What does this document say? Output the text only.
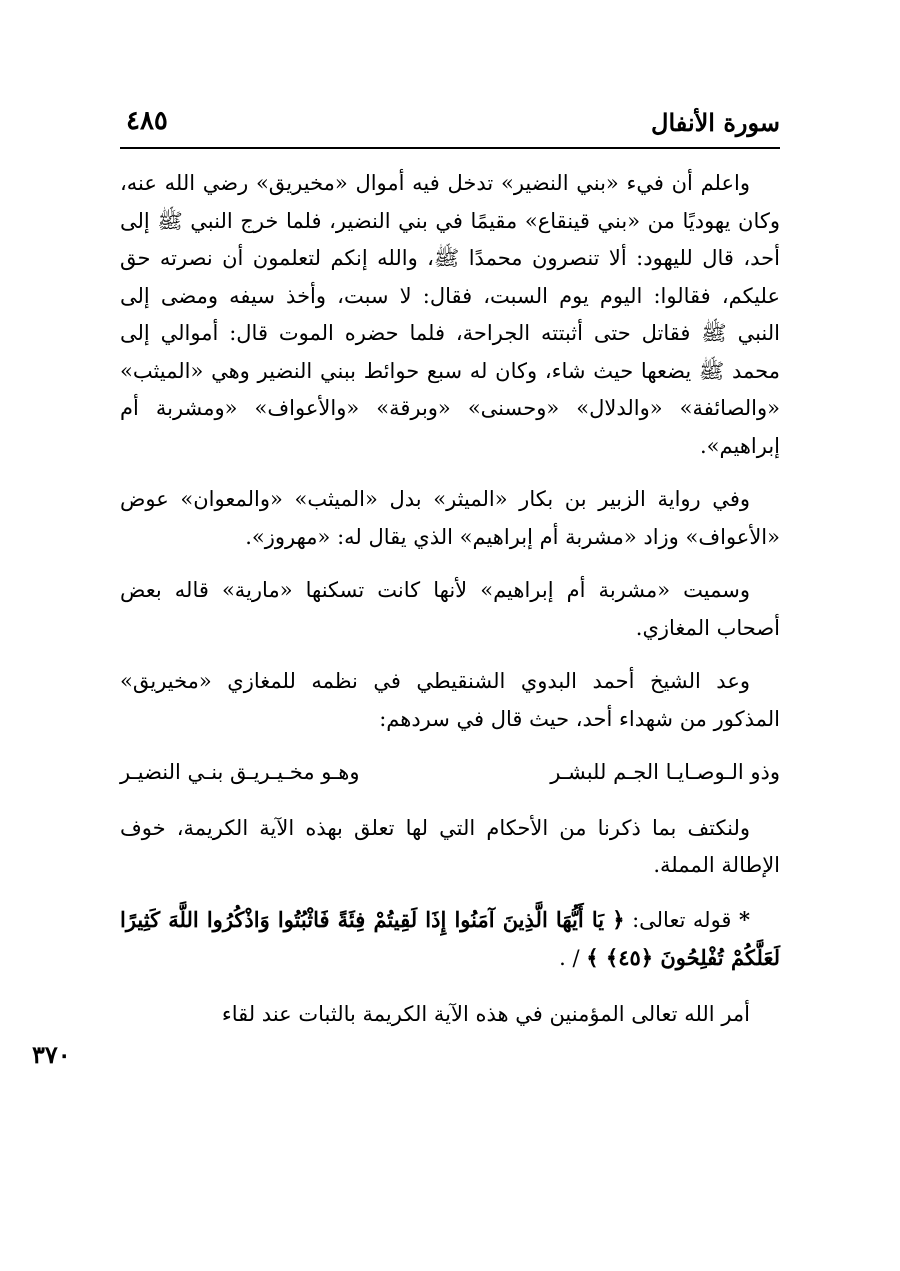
سورة الأنفال
٤٨٥
٣٧٠

واعلم أن فيء «بني النضير» تدخل فيه أموال «مخيريق» رضي الله عنه، وكان يهوديًا من «بني قينقاع» مقيمًا في بني النضير، فلما خرج النبي ﷺ إلى أحد، قال لليهود: ألا تنصرون محمدًا ﷺ، والله إنكم لتعلمون أن نصرته حق عليكم، فقالوا: اليوم يوم السبت، فقال: لا سبت، وأخذ سيفه ومضى إلى النبي ﷺ فقاتل حتى أثبتته الجراحة، فلما حضره الموت قال: أموالي إلى محمد ﷺ يضعها حيث شاء، وكان له سبع حوائط ببني النضير وهي «الميثب» «والصائفة» «والدلال» «وحسنى» «وبرقة» «والأعواف» «ومشربة أم إبراهيم».

وفي رواية الزبير بن بكار «الميثر» بدل «الميثب» «والمعوان» عوض «الأعواف» وزاد «مشربة أم إبراهيم» الذي يقال له: «مهروز».

وسميت «مشربة أم إبراهيم» لأنها كانت تسكنها «مارية» قاله بعض أصحاب المغازي.

وعد الشيخ أحمد البدوي الشنقيطي في نظمه للمغازي «مخيريق» المذكور من شهداء أحد، حيث قال في سردهم:

وذو الـوصـايـا الجـم للبشـر
وهـو مخـيـريـق بنـي النضيـر

ولنكتف بما ذكرنا من الأحكام التي لها تعلق بهذه الآية الكريمة، خوف الإطالة المملة.

* قوله تعالى: ﴿ يَا أَيُّهَا الَّذِينَ آمَنُوا إِذَا لَقِيتُمْ فِئَةً فَاثْبُتُوا وَاذْكُرُوا اللَّهَ كَثِيرًا لَعَلَّكُمْ تُفْلِحُونَ ﴿٤٥﴾ ﴾ / .

أمر الله تعالى المؤمنين في هذه الآية الكريمة بالثبات عند لقاء
